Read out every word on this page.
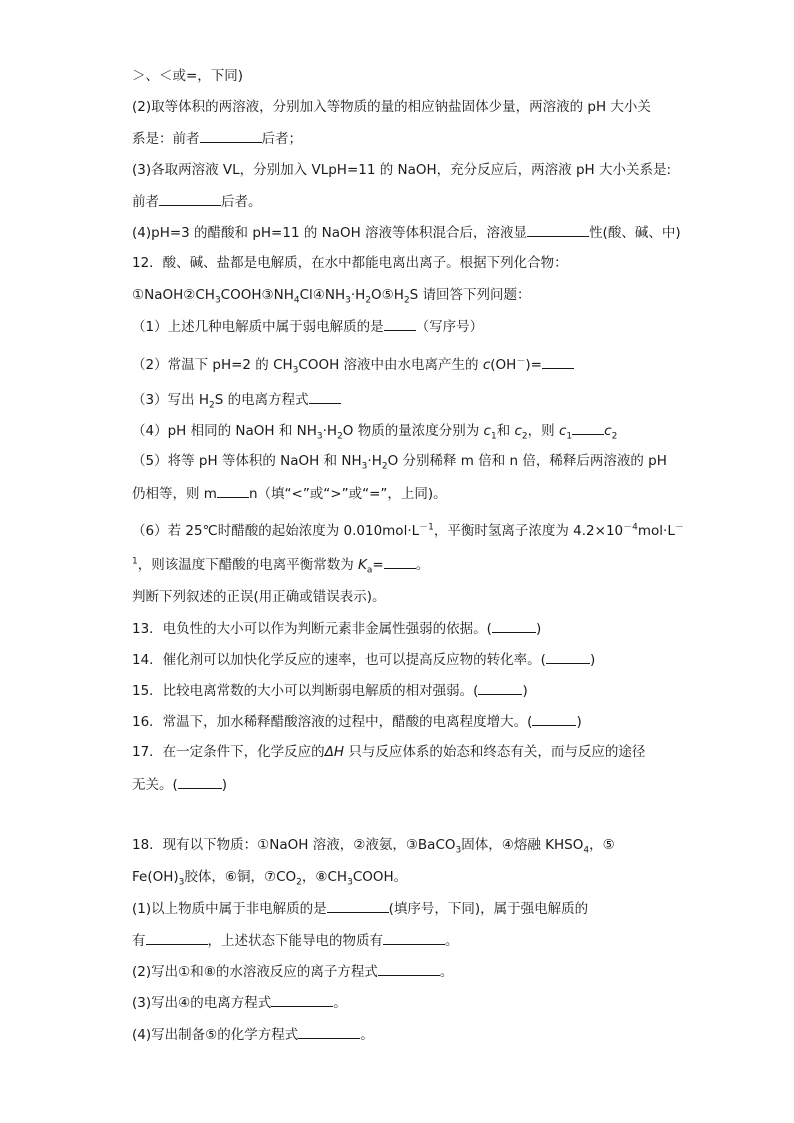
＞、＜或=，下同)
(2)取等体积的两溶液，分别加入等物质的量的相应钠盐固体少量，两溶液的 pH 大小关
系是：前者	后者；
(3)各取两溶液 VL，分别加入 VLpH=11 的 NaOH，充分反应后，两溶液 pH 大小关系是:
前者	后者。
(4)pH=3 的醋酸和 pH=11 的 NaOH 溶液等体积混合后，溶液显	性(酸、碱、中)
12．酸、碱、盐都是电解质，在水中都能电离出离子。根据下列化合物：
$①NaOH②CH_3COOH③NH_4Cl④NH_3\cdot H_2O⑤H_2S$ 请回答下列问题：
（1）上述几种电解质中属于弱电解质的是 （写序号）
（2）常温下 pH=2 的 $CH_3COOH$ 溶液中由水电离产生的 c(OH－)=
（3）写出 $H_2S$ 的电离方程式
（4）pH 相同的 NaOH 和 $NH_3\cdot H_2O$ 物质的量浓度分别为 $c_1$和 $c_2$，则 $c_1$ $c_2$
（5）将等 pH 等体积的 NaOH 和 $NH_3\cdot H_2O$ 分别稀释 m 倍和 n 倍，稀释后两溶液的 pH
仍相等，则 m n（填“<”或“>”或“=”，上同)。
（6）若 25℃时醋酸的起始浓度为 $0.010mol\cdot L^{-1}$，平衡时氢离子浓度为 $4.2\times 10^{-4}mol\cdot L^-$
$^1$，则该温度下醋酸的电离平衡常数为 $K_a=$ 。
判断下列叙述的正误(用正确或错误表示)。
13．电负性的大小可以作为判断元素非金属性强弱的依据。(	)
14．催化剂可以加快化学反应的速率，也可以提高反应物的转化率。(	)
15．比较电离常数的大小可以判断弱电解质的相对强弱。(	)
16．常温下，加水稀释醋酸溶液的过程中，醋酸的电离程度增大。(	)
17．在一定条件下，化学反应的ΔH 只与反应体系的始态和终态有关，而与反应的途径
无关。(	)
18．现有以下物质：①NaOH 溶液，②液氨，③BaCO$_3$固体，④熔融 $KHSO_4$，⑤
$Fe(OH)_3$胶体，⑥铜，$⑦CO_2$，$⑧CH_3COOH$。
(1)以上物质中属于非电解质的是	(填序号，下同)，属于强电解质的
有	，上述状态下能导电的物质有	。
(2)写出①和⑧的水溶液反应的离子方程式	。
(3)写出④的电离方程式	。
(4)写出制备⑤的化学方程式	。
